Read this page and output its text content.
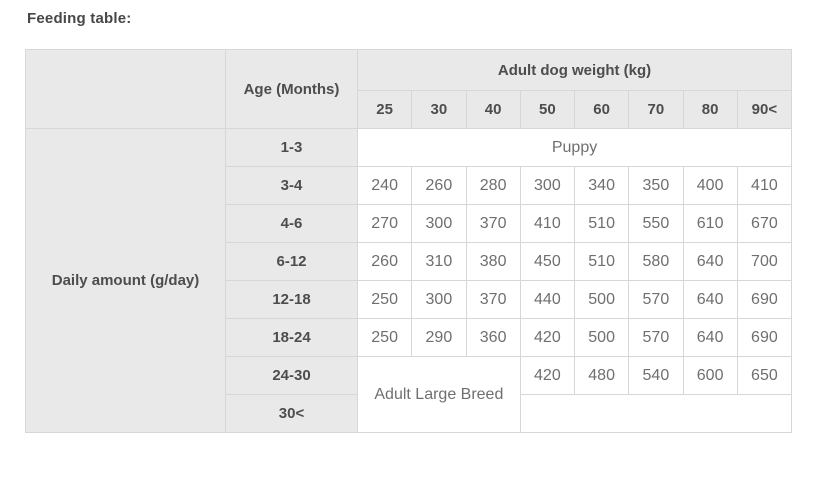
Feeding table:
	Age (Months)	Adult dog weight (kg)							
		25	30	40	50	60	70	80	90<
Daily amount (g/day)	1-3	Puppy							
	3-4	240	260	280	300	340	350	400	410
	4-6	270	300	370	410	510	550	610	670
	6-12	260	310	380	450	510	580	640	700
	12-18	250	300	370	440	500	570	640	690
	18-24	250	290	360	420	500	570	640	690
	24-30	Adult Large Breed			420	480	540	600	650
	30<								
